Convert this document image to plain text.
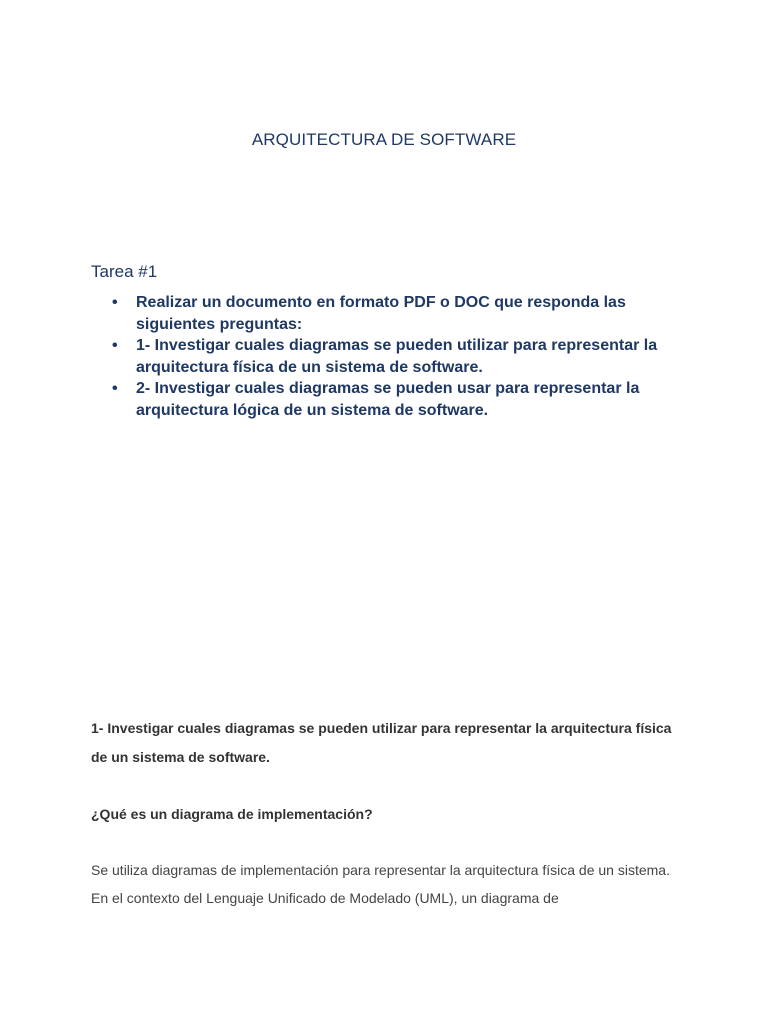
ARQUITECTURA DE SOFTWARE
Tarea #1
• Realizar un documento en formato PDF o DOC que responda las siguientes preguntas:
• 1- Investigar cuales diagramas se pueden utilizar para representar la arquitectura física de un sistema de software.
• 2- Investigar cuales diagramas se pueden usar para representar la arquitectura lógica de un sistema de software.
1- Investigar cuales diagramas se pueden utilizar para representar la arquitectura física de un sistema de software.
¿Qué es un diagrama de implementación?
Se utiliza diagramas de implementación para representar la arquitectura física de un sistema. En el contexto del Lenguaje Unificado de Modelado (UML), un diagrama de
